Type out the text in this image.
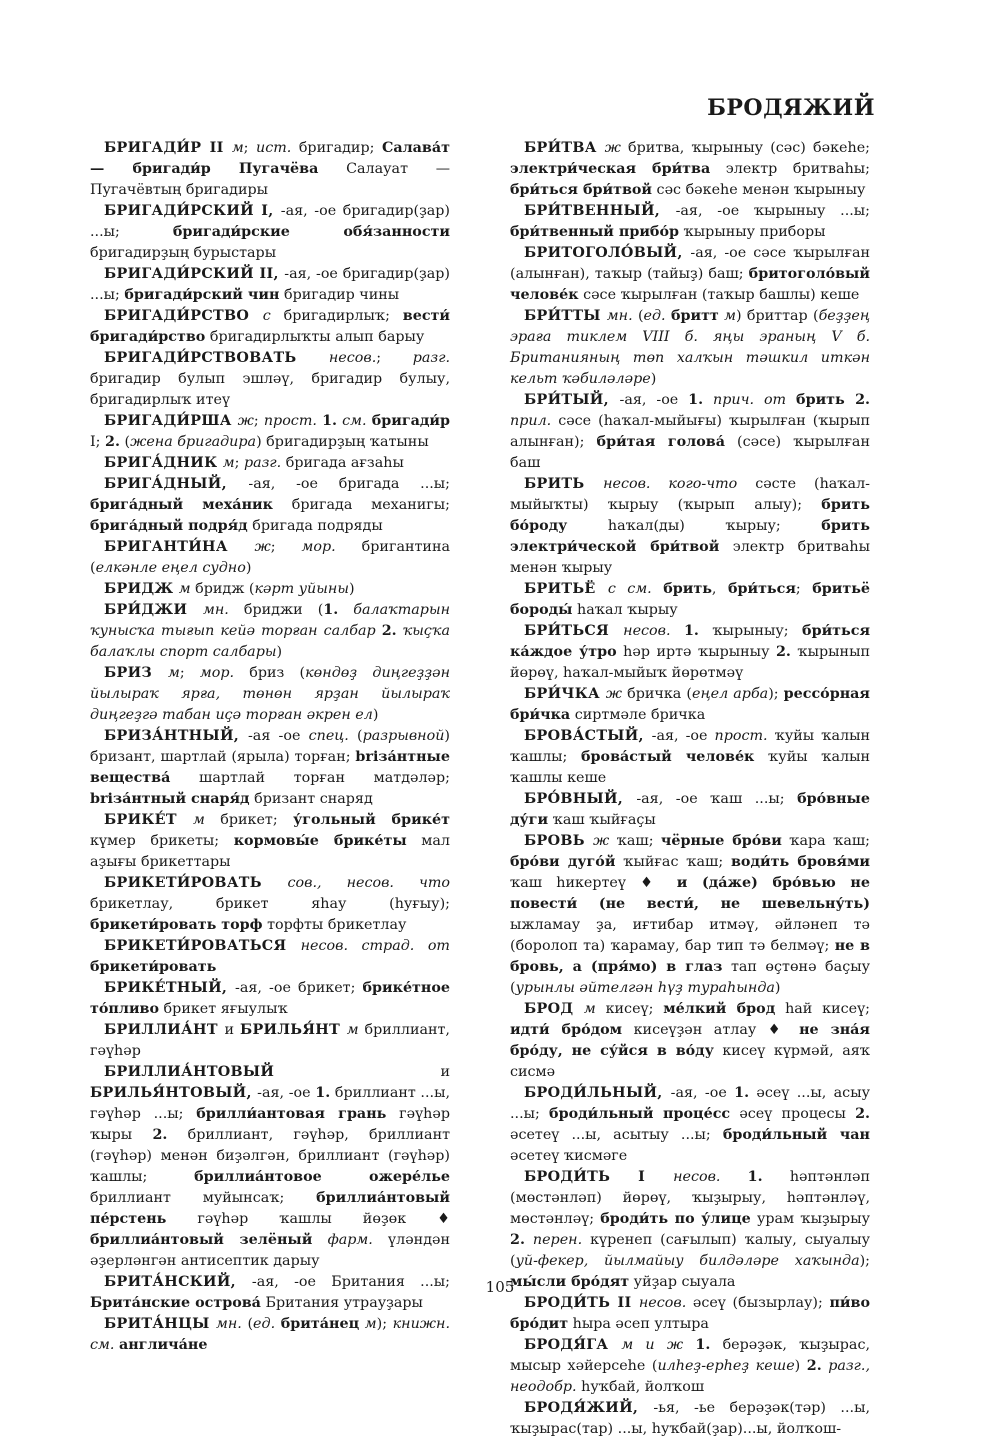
БРОДЯЖИЙ

БРИГАДИ́Р II м; ист. бригадир; Салава́т — бригади́р Пугачёва Салауат — Пугачёвтың бригадиры

БРИГАДИ́РСКИЙ I, -ая, -ое бригадир(ҙар) ...ы; бригади́рские обя́занности бригадирҙың бурыстары

БРИГАДИ́РСКИЙ II, -ая, -ое бригадир(ҙар) ...ы; бригади́рский чин бригадир чины

БРИГАДИ́РСТВО с бригадирлыҡ; вести́ бригади́рство бригадирлыҡты алып барыу

БРИГАДИ́РСТВОВАТЬ несов.; разг. бригадир булып эшләү, бригадир булыу, бригадирлыҡ итеү

БРИГАДИ́РША ж; прост. 1. см. бригади́р I; 2. (жена бригадира) бригадирҙың ҡатыны

БРИГА́ДНИК м; разг. бригада ағзаһы

БРИГА́ДНЫЙ, -ая, -ое бригада ...ы; брига́дный меха́ник бригада механигы; брига́дный подря́д бригада подряды

БРИГАНТИ́НА ж; мор. бригантина (елкәнле еңел судно)

БРИДЖ м бридж (кәрт уйыны)

БРИ́ДЖИ мн. бриджи (1. балаҡтарын ҡунысҡа тығып кейә торған салбар 2. ҡыҫҡа балаҡлы спорт салбары)

БРИЗ м; мор. бриз (көндөҙ диңгеҙҙән йылыраҡ ярға, төнөн ярҙан йылыраҡ диңгеҙгә табан иҫә торған әкрен ел)

БРИЗА́НТНЫЙ, -ая -ое спец. (разрывной) бризант, шартлай (ярыла) торған; briза́нтные вещества́ шартлай торған матдәләр; briза́нтный снаря́д бризант снаряд

БРИКЕ́Т м брикет; у́гольный брике́т күмер брикеты; кормовы́е брике́ты мал аҙығы брикеттары

БРИКЕТИ́РОВАТЬ сов., несов. что брикетлау, брикет яһау (һуғыу); брикети́ровать торф торфты брикетлау

БРИКЕТИ́РОВАТЬСЯ несов. страд. от брикети́ровать

БРИКЕ́ТНЫЙ, -ая, -ое брикет; брике́тное то́пливо брикет яғыулыҡ

БРИЛЛИА́НТ и БРИЛЬЯ́НТ м бриллиант, гәүһәр

БРИЛЛИА́НТОВЫЙ и БРИЛЬЯ́НТОВЫЙ, -ая, -ое 1. бриллиант ...ы, гәүһәр ...ы; брилли́антовая грань гәүһәр ҡыры 2. бриллиант, гәүһәр, бриллиант (гәүһәр) менән биҙәлгән, бриллиант (гәүһәр) ҡашлы; бриллиа́нтовое ожере́лье бриллиант муйынсаҡ; бриллиа́нтовый пе́рстень гәүһәр ҡашлы йөҙөк ♦ бриллиа́нтовый зелёный фарм. үләндән әҙерләнгән антисептик дарыу

БРИТА́НСКИЙ, -ая, -ое Британия ...ы; Брита́нские острова́ Британия утрауҙары

БРИТА́НЦЫ мн. (ед. брита́нец м); книжн. см. англича́не

БРИ́ТВА ж бритва, ҡырыныу (сәс) бәкеһе; электри́ческая бри́тва электр бритваһы; бри́ться бри́твой сәс бәкеһе менән ҡырыныу

БРИ́ТВЕННЫЙ, -ая, -ое ҡырыныу ...ы; бри́твенный прибо́р ҡырыныу приборы

БРИТОГОЛО́ВЫЙ, -ая, -ое сәсе ҡырылған (алынған), таҡыр (тайыҙ) баш; бритоголо́вый челове́к сәсе ҡырылған (таҡыр башлы) кеше

БРИ́ТТЫ мн. (ед. бритт м) бриттар (беҙҙең эраға тиклем VIII б. яңы эраның V б. Британияның төп халҡын тәшкил иткән кельт ҡәбиләләре)

БРИ́ТЫЙ, -ая, -ое 1. прич. от брить 2. прил. сәсе (һаҡал-мыйығы) ҡырылған (ҡырып алынған); бри́тая голова́ (сәсе) ҡырылған баш

БРИТЬ несов. кого-что сәсте (һаҡал-мыйыҡты) ҡырыу (ҡырып алыу); брить бо́роду һаҡал(ды) ҡырыу; брить электри́ческой бри́твой электр бритваһы менән ҡырыу

БРИТЬЁ с см. брить, бри́ться; бритьё бороды́ һаҡал ҡырыу

БРИ́ТЬСЯ несов. 1. ҡырыныу; бри́ться ка́ждое у́тро һәр иртә ҡырыныу 2. ҡырынып йөрөү, һаҡал-мыйыҡ йөрөтмәү

БРИ́ЧКА ж бричка (еңел арба); рессо́рная бри́чка сиртмәле бричка

БРОВА́СТЫЙ, -ая, -ое прост. ҡуйы ҡалын ҡашлы; брова́стый челове́к ҡуйы ҡалын ҡашлы кеше

БРО́ВНЫЙ, -ая, -ое ҡаш ...ы; бро́вные ду́ги ҡаш ҡыйғаҫы

БРОВЬ ж ҡаш; чёрные бро́ви ҡара ҡаш; бро́ви дуго́й ҡыйғас ҡаш; води́ть бровя́ми ҡаш һикертеү ♦ и (да́же) бро́вью не повести́ (не вести́, не шевельну́ть) ыжламау ҙа, иғтибар итмәү, әйләнеп тә (боролоп та) ҡарамау, бар тип тә белмәү; не в бровь, а (пря́мо) в глаз тап өҫтөнә баҫыу (урынлы әйтелгән һүҙ тураһында)

БРОД м кисеү; ме́лкий брод һай кисеү; идти́ бро́дом кисеүҙән атлау ♦ не зна́я бро́ду, не су́йся в во́ду кисеү күрмәй, аяҡ сисмә

БРОДИ́ЛЬНЫЙ, -ая, -ое 1. әсеү ...ы, асыу ...ы; броди́льный проце́сс әсеү процесы 2. әсетеү ...ы, асытыу ...ы; броди́льный чан әсетеү ҡисмәге

БРОДИ́ТЬ I несов. 1. һәптәнләп (мөстәнләп) йөрөү, ҡыҙырыу, һәптәнләү, мөстәнләү; броди́ть по у́лице урам ҡыҙырыу 2. перен. күренеп (сағылып) ҡалыу, сыуалыу (уй-фекер, йылмайыу билдәләре хаҡында); мы́сли бро́дят уйҙар сыуала

БРОДИ́ТЬ II несов. әсеү (бызырлау); пи́во бро́дит һыра әсеп ултыра

БРОДЯ́ГА м и ж 1. берәҙәк, ҡыҙырас, мысыр хәйерсеһе (илһеҙ-ерһеҙ кеше) 2. разг., неодобр. һуҡбай, йолҡош

БРОДЯ́ЖИЙ, -ья, -ье берәҙәк(тәр) ...ы, ҡыҙырас(тар) ...ы, һуҡбай(ҙар)...ы, йолҡош-

105
